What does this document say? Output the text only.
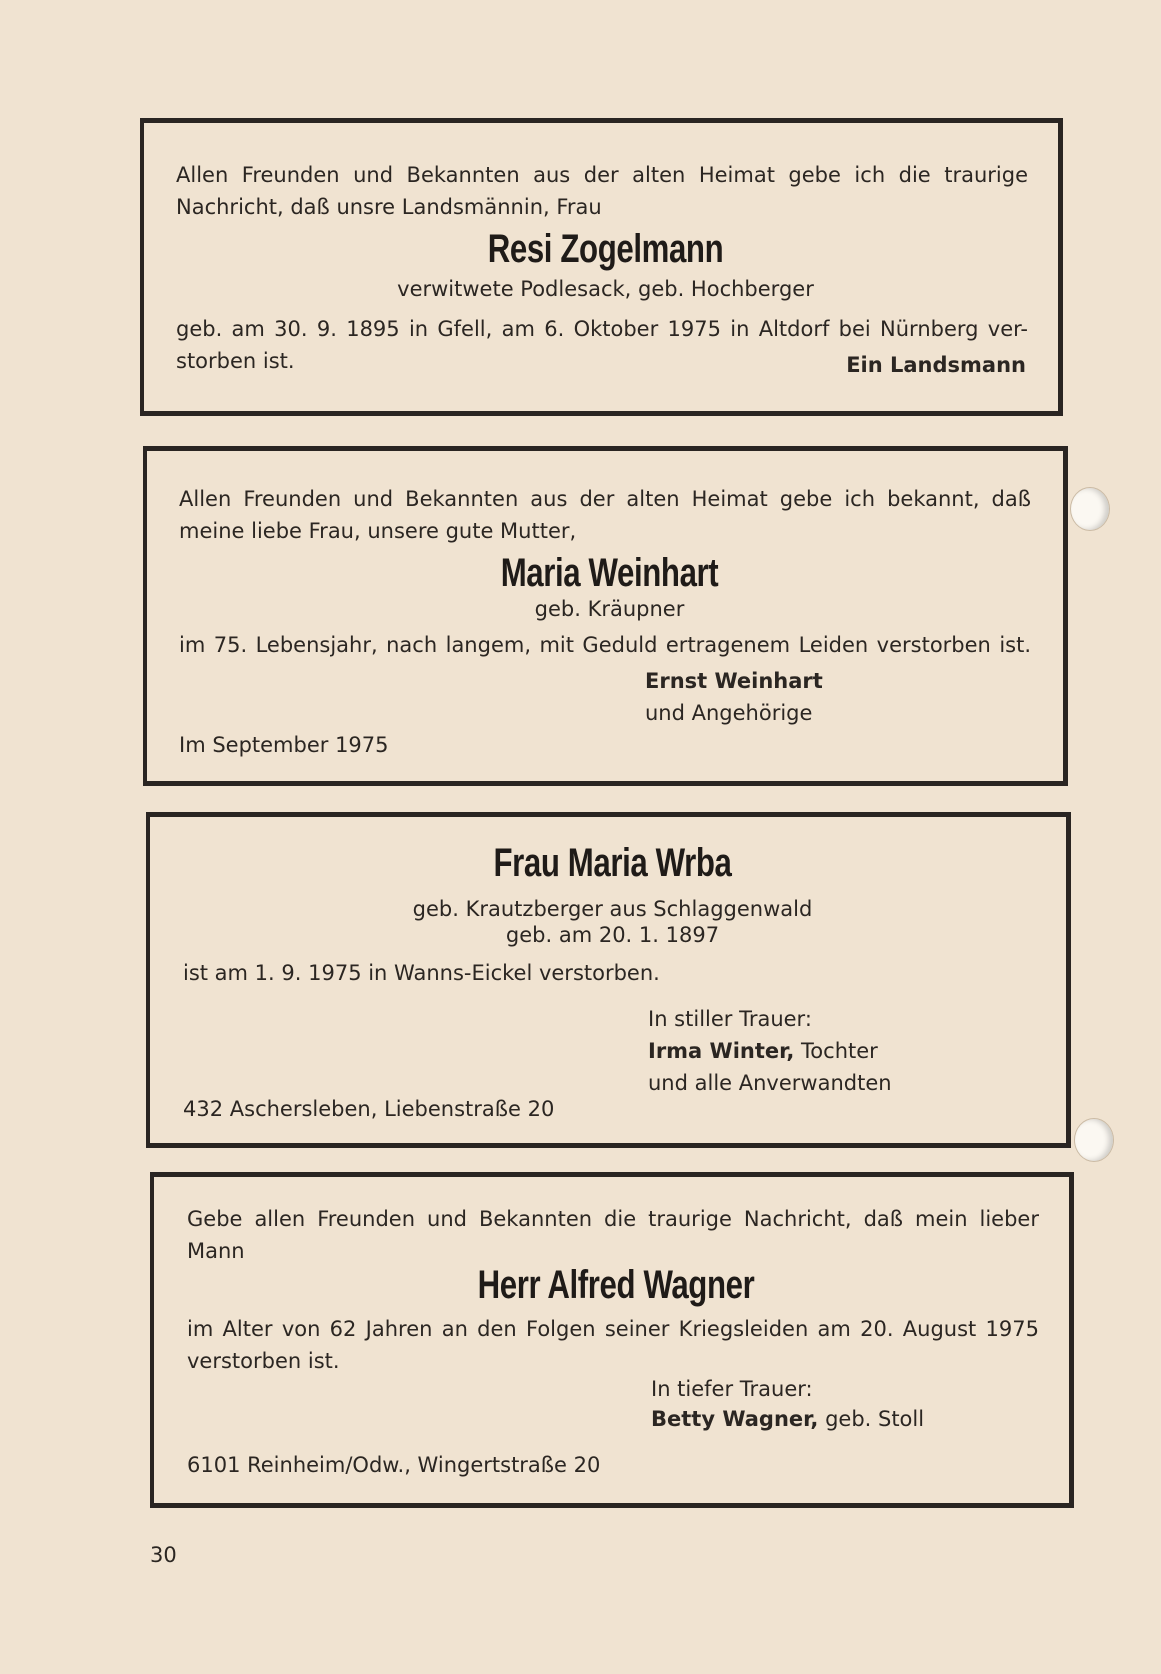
Allen Freunden und Bekannten aus der alten Heimat gebe ich die traurige

Nachricht, daß unsre Landsmännin, Frau

Resi Zogelmann

verwitwete Podlesack, geb. Hochberger

geb. am 30. 9. 1895 in Gfell, am 6. Oktober 1975 in Altdorf bei Nürnberg ver-

storben ist.	Ein Landsmann

Allen Freunden und Bekannten aus der alten Heimat gebe ich bekannt, daß

meine liebe Frau, unsere gute Mutter,

Maria Weinhart

geb. Kräupner

im 75. Lebensjahr, nach langem, mit Geduld ertragenem Leiden verstorben ist.

Ernst Weinhart

und Angehörige

Im September 1975

Frau Maria Wrba

geb. Krautzberger aus Schlaggenwald

geb. am 20. 1. 1897

ist am 1. 9. 1975 in Wanns-Eickel verstorben.

In stiller Trauer:

Irma Winter, Tochter

und alle Anverwandten

432 Aschersleben, Liebenstraße 20

Gebe allen Freunden und Bekannten die traurige Nachricht, daß mein lieber

Mann

Herr Alfred Wagner

im Alter von 62 Jahren an den Folgen seiner Kriegsleiden am 20. August 1975

verstorben ist.

In tiefer Trauer:

Betty Wagner, geb. Stoll

6101 Reinheim/Odw., Wingertstraße 20

30
